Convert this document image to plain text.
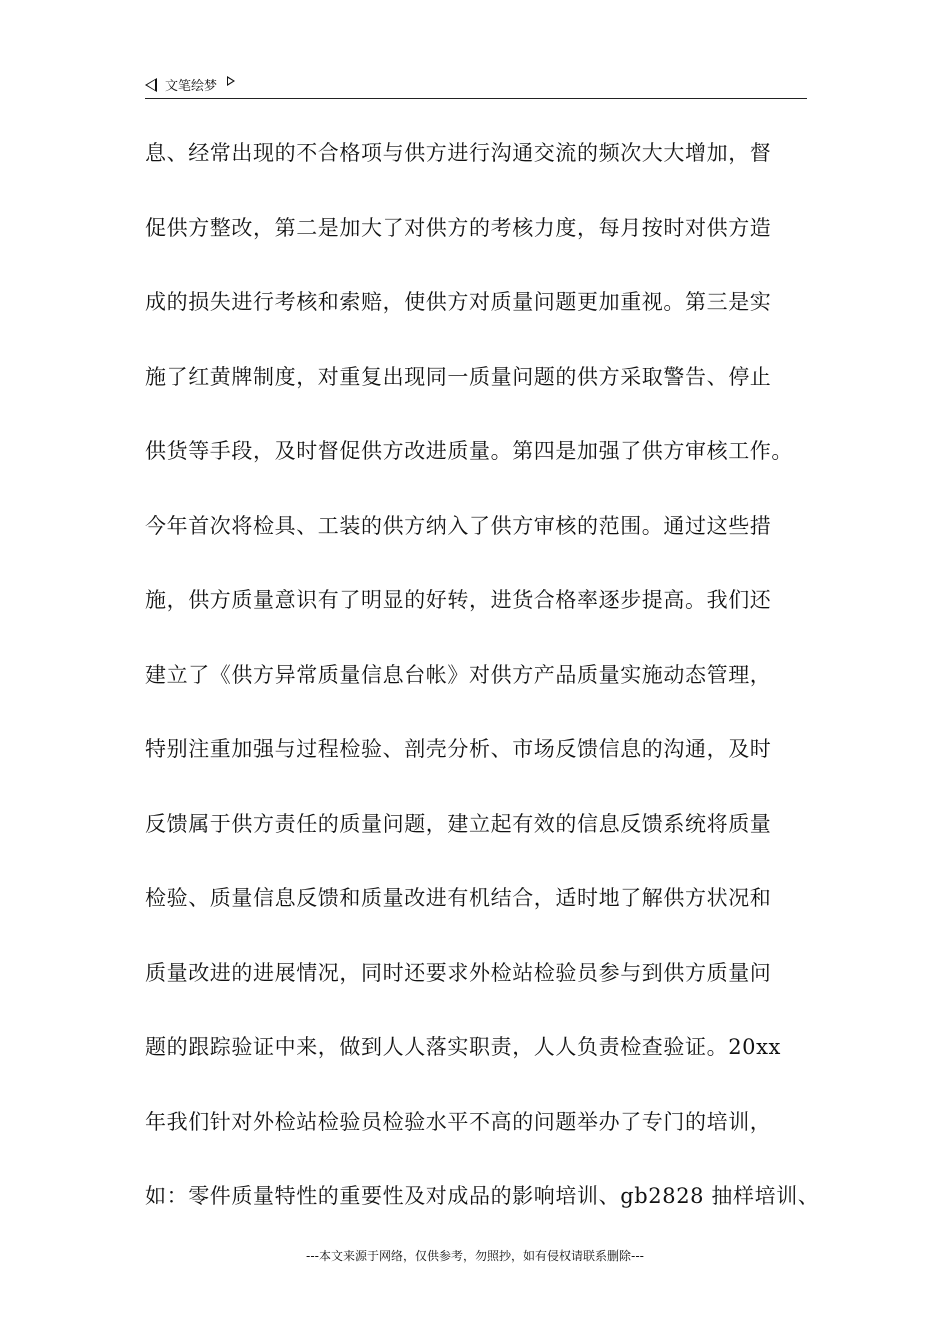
文笔绘梦
息、经常出现的不合格项与供方进行沟通交流的频次大大增加，督
促供方整改，第二是加大了对供方的考核力度，每月按时对供方造
成的损失进行考核和索赔，使供方对质量问题更加重视。第三是实
施了红黄牌制度，对重复出现同一质量问题的供方采取警告、停止
供货等手段，及时督促供方改进质量。第四是加强了供方审核工作。
今年首次将检具、工装的供方纳入了供方审核的范围。通过这些措
施，供方质量意识有了明显的好转，进货合格率逐步提高。我们还
建立了《供方异常质量信息台帐》对供方产品质量实施动态管理，
特别注重加强与过程检验、剖壳分析、市场反馈信息的沟通，及时
反馈属于供方责任的质量问题，建立起有效的信息反馈系统将质量
检验、质量信息反馈和质量改进有机结合，适时地了解供方状况和
质量改进的进展情况，同时还要求外检站检验员参与到供方质量问
题的跟踪验证中来，做到人人落实职责，人人负责检查验证。20xx
年我们针对外检站检验员检验水平不高的问题举办了专门的培训，
如：零件质量特性的重要性及对成品的影响培训、gb2828 抽样培训、
---本文来源于网络，仅供参考，勿照抄，如有侵权请联系删除---
